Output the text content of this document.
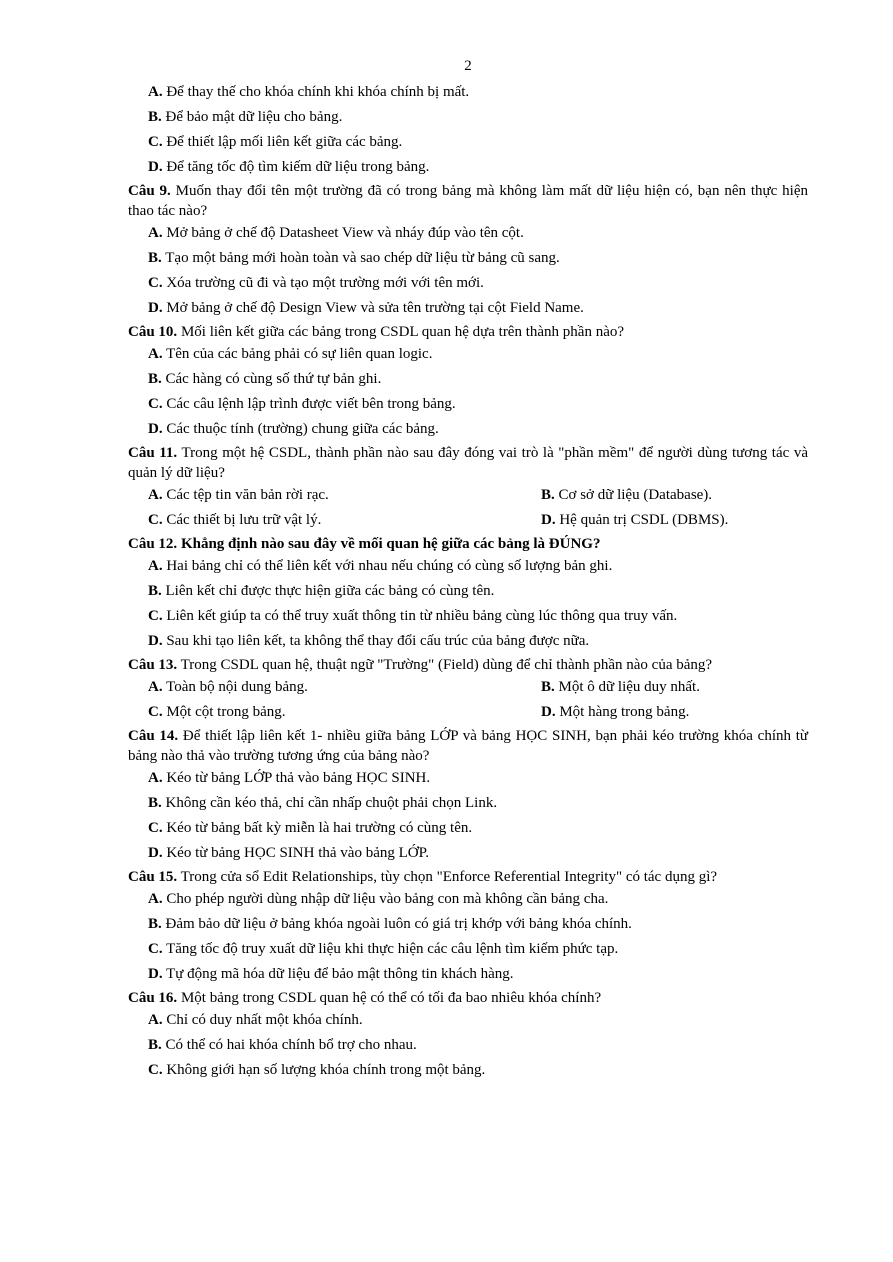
2
A. Để thay thế cho khóa chính khi khóa chính bị mất.
B. Để bảo mật dữ liệu cho bảng.
C. Để thiết lập mối liên kết giữa các bảng.
D. Để tăng tốc độ tìm kiếm dữ liệu trong bảng.
Câu 9. Muốn thay đổi tên một trường đã có trong bảng mà không làm mất dữ liệu hiện có, bạn nên thực hiện thao tác nào?
A. Mở bảng ở chế độ Datasheet View và nháy đúp vào tên cột.
B. Tạo một bảng mới hoàn toàn và sao chép dữ liệu từ bảng cũ sang.
C. Xóa trường cũ đi và tạo một trường mới với tên mới.
D. Mở bảng ở chế độ Design View và sửa tên trường tại cột Field Name.
Câu 10. Mối liên kết giữa các bảng trong CSDL quan hệ dựa trên thành phần nào?
A. Tên của các bảng phải có sự liên quan logic.
B. Các hàng có cùng số thứ tự bản ghi.
C. Các câu lệnh lập trình được viết bên trong bảng.
D. Các thuộc tính (trường) chung giữa các bảng.
Câu 11. Trong một hệ CSDL, thành phần nào sau đây đóng vai trò là "phần mềm" để người dùng tương tác và quản lý dữ liệu?
A. Các tệp tin văn bản rời rạc.	B. Cơ sở dữ liệu (Database).
C. Các thiết bị lưu trữ vật lý.	D. Hệ quản trị CSDL (DBMS).
Câu 12. Khẳng định nào sau đây về mối quan hệ giữa các bảng là ĐÚNG?
A. Hai bảng chỉ có thể liên kết với nhau nếu chúng có cùng số lượng bản ghi.
B. Liên kết chỉ được thực hiện giữa các bảng có cùng tên.
C. Liên kết giúp ta có thể truy xuất thông tin từ nhiều bảng cùng lúc thông qua truy vấn.
D. Sau khi tạo liên kết, ta không thể thay đổi cấu trúc của bảng được nữa.
Câu 13. Trong CSDL quan hệ, thuật ngữ "Trường" (Field) dùng để chỉ thành phần nào của bảng?
A. Toàn bộ nội dung bảng.	B. Một ô dữ liệu duy nhất.
C. Một cột trong bảng.	D. Một hàng trong bảng.
Câu 14. Để thiết lập liên kết 1- nhiều giữa bảng LỚP và bảng HỌC SINH, bạn phải kéo trường khóa chính từ bảng nào thả vào trường tương ứng của bảng nào?
A. Kéo từ bảng LỚP thả vào bảng HỌC SINH.
B. Không cần kéo thả, chỉ cần nhấp chuột phải chọn Link.
C. Kéo từ bảng bất kỳ miễn là hai trường có cùng tên.
D. Kéo từ bảng HỌC SINH thả vào bảng LỚP.
Câu 15. Trong cửa sổ Edit Relationships, tùy chọn "Enforce Referential Integrity" có tác dụng gì?
A. Cho phép người dùng nhập dữ liệu vào bảng con mà không cần bảng cha.
B. Đảm bảo dữ liệu ở bảng khóa ngoài luôn có giá trị khớp với bảng khóa chính.
C. Tăng tốc độ truy xuất dữ liệu khi thực hiện các câu lệnh tìm kiếm phức tạp.
D. Tự động mã hóa dữ liệu để bảo mật thông tin khách hàng.
Câu 16. Một bảng trong CSDL quan hệ có thể có tối đa bao nhiêu khóa chính?
A. Chỉ có duy nhất một khóa chính.
B. Có thể có hai khóa chính bổ trợ cho nhau.
C. Không giới hạn số lượng khóa chính trong một bảng.
